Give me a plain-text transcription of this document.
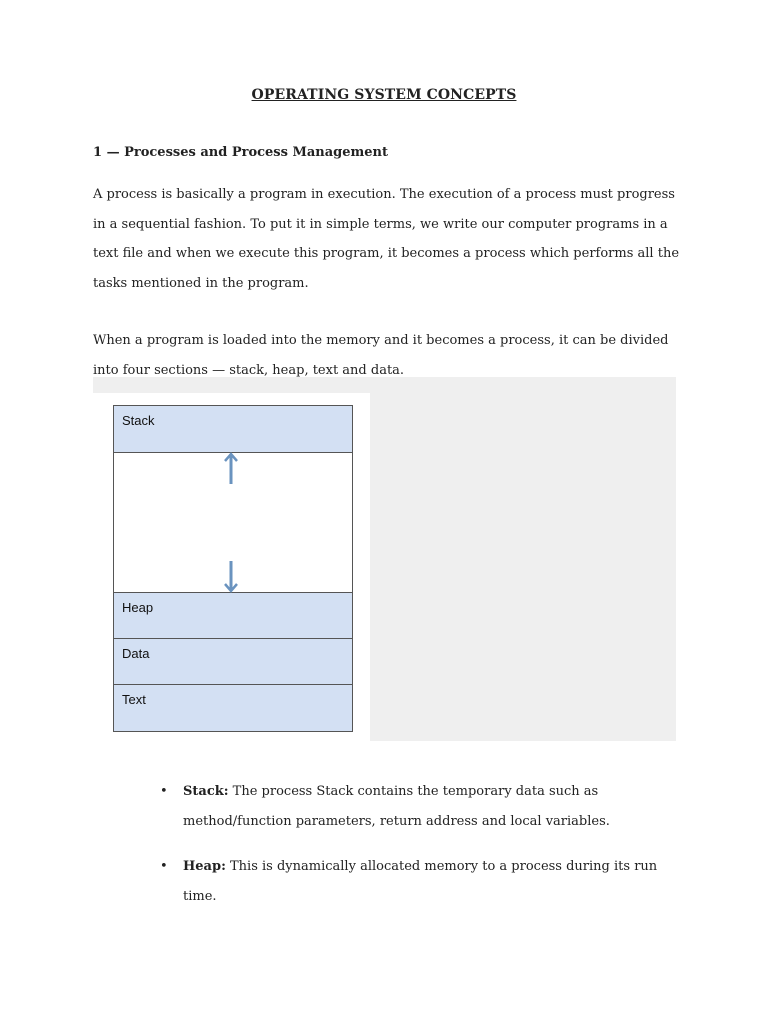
OPERATING SYSTEM CONCEPTS
1 — Processes and Process Management

A process is basically a program in execution. The execution of a process must progress in a sequential fashion. To put it in simple terms, we write our computer programs in a text file and when we execute this program, it becomes a process which performs all the tasks mentioned in the program.

When a program is loaded into the memory and it becomes a process, it can be divided into four sections — stack, heap, text and data.

Stack
Heap
Data
Text
• Stack: The process Stack contains the temporary data such as method/function parameters, return address and local variables.
• Heap: This is dynamically allocated memory to a process during its run time.
